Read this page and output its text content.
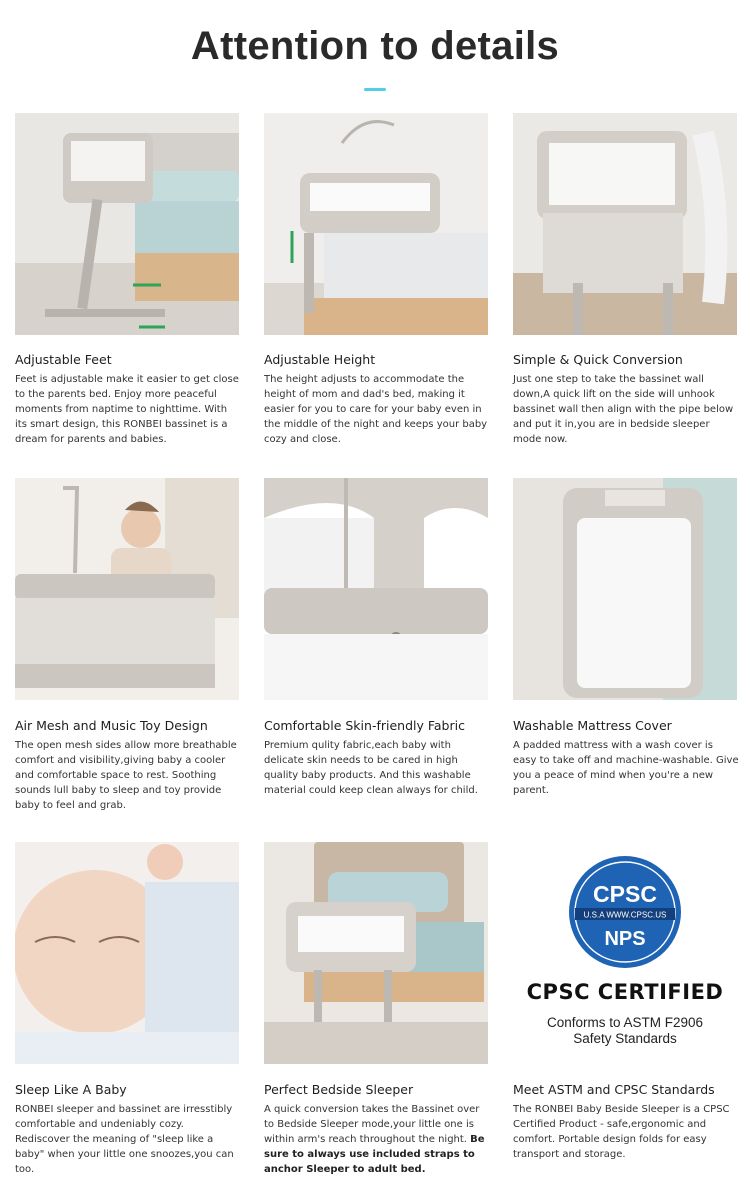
Attention to details
Adjustable Feet
Feet is adjustable make it easier to get close to the parents bed. Enjoy more peaceful moments from naptime to nighttime. With its smart design, this RONBEI bassinet is a dream for parents and babies.
Adjustable Height
The height adjusts to accommodate the height of mom and dad's bed, making it easier for you to care for your baby even in the middle of the night and keeps your baby cozy and close.
Simple & Quick Conversion
Just one step to take the bassinet wall down,A quick lift on the side will unhook bassinet wall then align with the pipe below and put it in,you are in bedside sleeper mode now.
Air Mesh and Music Toy Design
The open mesh sides allow more breathable comfort and visibility,giving baby a cooler and comfortable space to rest. Soothing sounds lull baby to sleep and toy provide baby to feel and grab.
Comfortable Skin-friendly Fabric
Premium qulity fabric,each baby with delicate skin needs to be cared in high quality baby products. And this washable material could keep clean always for child.
Washable Mattress Cover
A padded mattress with a wash cover is easy to take off and machine-washable. Give you a peace of mind when you're a new parent.
Sleep Like A Baby
RONBEI sleeper and bassinet are irresstibly comfortable and undeniably cozy. Rediscover the meaning of "sleep like a baby" when your little one snoozes,you can too.
Perfect Bedside Sleeper
A quick conversion takes the Bassinet over to Bedside Sleeper mode,your little one is within arm's reach throughout the night. Be sure to always use included straps to anchor Sleeper to adult bed.
CPSC
U.S.A WWW.CPSC.US
NPS
CPSC CERTIFIED
Conforms to ASTM F2906
Safety Standards
Meet ASTM and CPSC Standards
The RONBEI Baby Beside Sleeper is a CPSC Certified Product - safe,ergonomic and comfort. Portable design folds for easy transport and storage.
